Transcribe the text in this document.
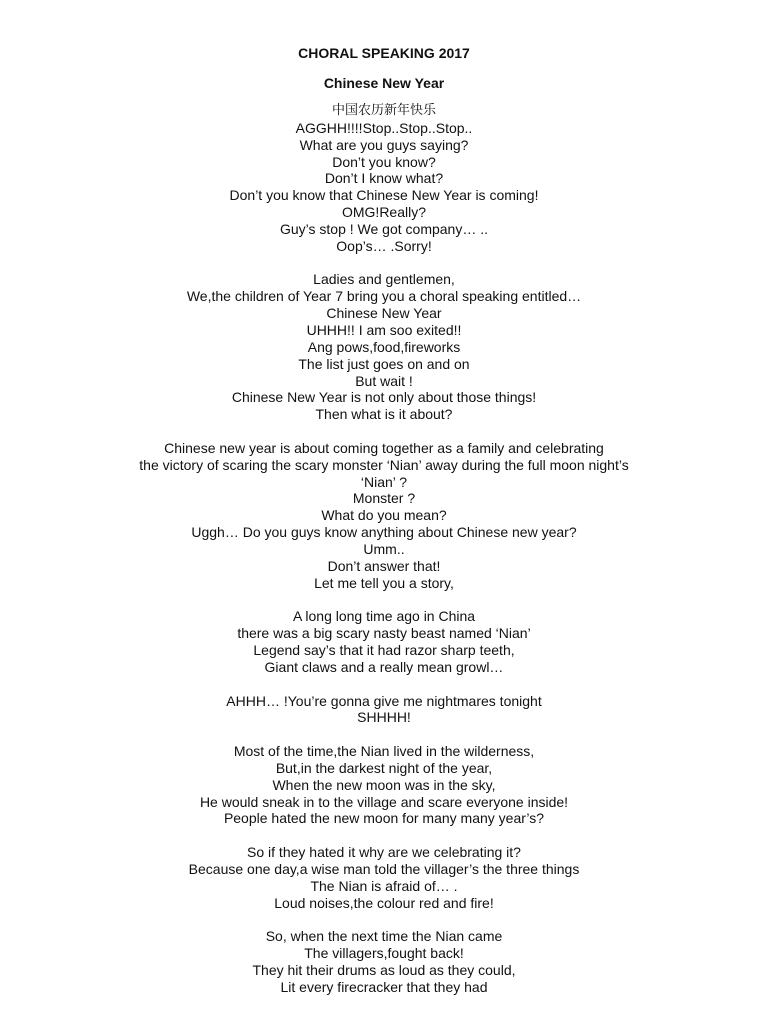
CHORAL SPEAKING 2017
Chinese New Year
中国农历新年快乐
AGGHH!!!!Stop..Stop..Stop..
What are you guys saying?
Don’t you know?
Don’t I know what?
Don’t you know that Chinese New Year is coming!
OMG!Really?
Guy’s stop ! We got company… ..
Oop’s… .Sorry!
Ladies and gentlemen,
We,the children of Year 7 bring you a choral speaking entitled…
Chinese New Year
UHHH!! I am soo exited!!
Ang pows,food,fireworks
The list just goes on and on
But wait !
Chinese New Year is not only about those things!
Then what is it about?
Chinese new year is about coming together as a family and celebrating
the victory of scaring the scary monster ‘Nian’ away during the full moon night’s
‘Nian’ ?
Monster ?
What do you mean?
Uggh… Do you guys know anything about Chinese new year?
Umm..
Don’t answer that!
Let me tell you a story,
A long long time ago in China
there was a big scary nasty beast named ‘Nian’
Legend say’s that it had razor sharp teeth,
Giant claws and a really mean growl…
AHHH… !You’re gonna give me nightmares tonight
SHHHH!
Most of the time,the Nian lived in the wilderness,
But,in the darkest night of the year,
When the new moon was in the sky,
He would sneak in to the village and scare everyone inside!
People hated the new moon for many many year’s?
So if they hated it why are we celebrating it?
Because one day,a wise man told the villager’s the three things
The Nian is afraid of… .
Loud noises,the colour red and fire!
So, when the next time the Nian came
The villagers,fought back!
They hit their drums as loud as they could,
Lit every firecracker that they had
